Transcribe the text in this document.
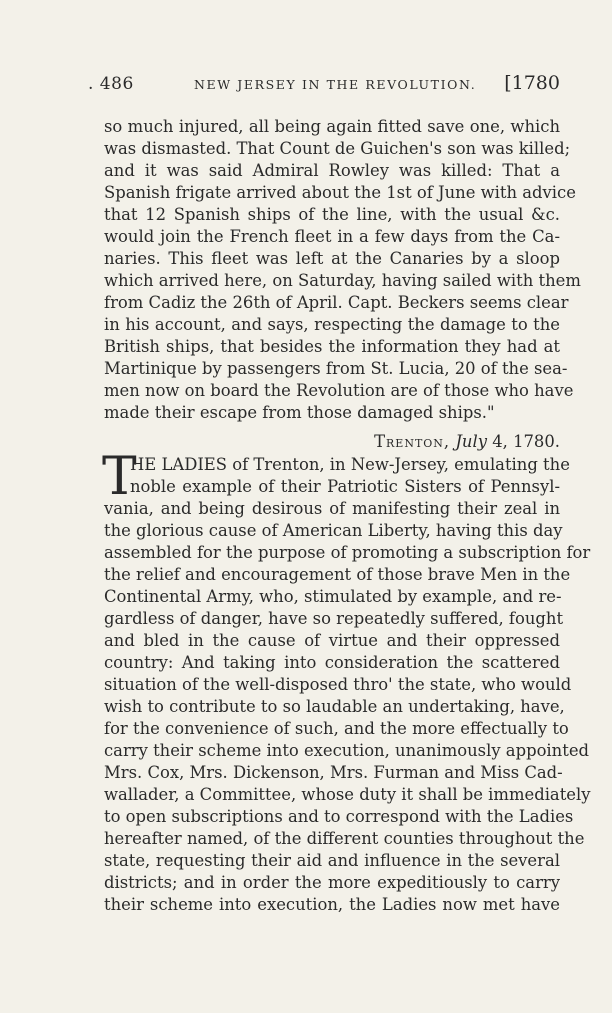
. 486	NEW JERSEY IN THE REVOLUTION. [1780
so much injured, all being again fitted save one, which
was dismasted. That Count de Guichen's son was killed;
and it was said Admiral Rowley was killed: That a
Spanish frigate arrived about the 1st of June with advice
that 12 Spanish ships of the line, with the usual &c.
would join the French fleet in a few days from the Ca-
naries. This fleet was left at the Canaries by a sloop
which arrived here, on Saturday, having sailed with them
from Cadiz the 26th of April. Capt. Beckers seems clear
in his account, and says, respecting the damage to the
British ships, that besides the information they had at
Martinique by passengers from St. Lucia, 20 of the sea-
men now on board the Revolution are of those who have
made their escape from those damaged ships."
Trenton, July 4, 1780.
T
HE LADIES of Trenton, in New-Jersey, emulating the
noble example of their Patriotic Sisters of Pennsyl-
vania, and being desirous of manifesting their zeal in
the glorious cause of American Liberty, having this day
assembled for the purpose of promoting a subscription for
the relief and encouragement of those brave Men in the
Continental Army, who, stimulated by example, and re-
gardless of danger, have so repeatedly suffered, fought
and bled in the cause of virtue and their oppressed
country: And taking into consideration the scattered
situation of the well-disposed thro' the state, who would
wish to contribute to so laudable an undertaking, have,
for the convenience of such, and the more effectually to
carry their scheme into execution, unanimously appointed
Mrs. Cox, Mrs. Dickenson, Mrs. Furman and Miss Cad-
wallader, a Committee, whose duty it shall be immediately
to open subscriptions and to correspond with the Ladies
hereafter named, of the different counties throughout the
state, requesting their aid and influence in the several
districts; and in order the more expeditiously to carry
their scheme into execution, the Ladies now met have
